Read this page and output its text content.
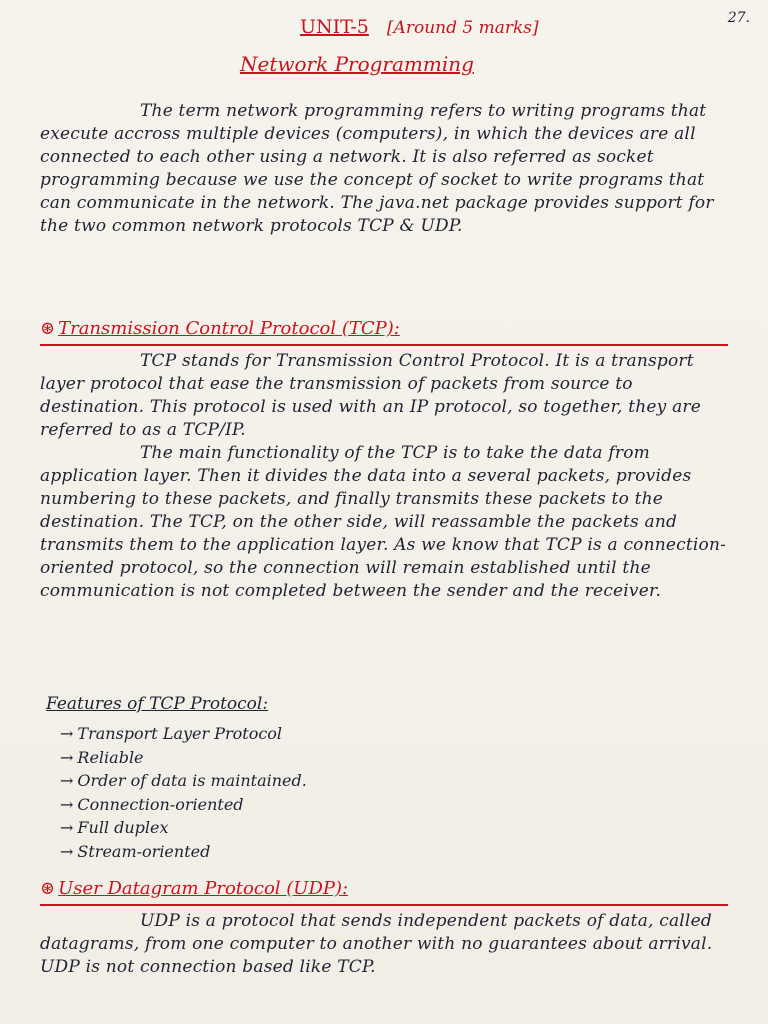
27.
UNIT-5 [Around 5 marks]
Network Programming

The term network programming refers to writing programs that execute accross multiple devices (computers), in which the devices are all connected to each other using a network. It is also referred as socket programming because we use the concept of socket to write programs that can communicate in the network. The java.net package provides support for the two common network protocols TCP & UDP.

⊛ Transmission Control Protocol (TCP):

TCP stands for Transmission Control Protocol. It is a transport layer protocol that ease the transmission of packets from source to destination. This protocol is used with an IP protocol, so together, they are referred to as a TCP/IP.

The main functionality of the TCP is to take the data from application layer. Then it divides the data into a several packets, provides numbering to these packets, and finally transmits these packets to the destination. The TCP, on the other side, will reassamble the packets and transmits them to the application layer. As we know that TCP is a connection-oriented protocol, so the connection will remain established until the communication is not completed between the sender and the receiver.

Features of TCP Protocol:
→ Transport Layer Protocol
→ Reliable
→ Order of data is maintained.
→ Connection-oriented
→ Full duplex
→ Stream-oriented
⊛ User Datagram Protocol (UDP):

UDP is a protocol that sends independent packets of data, called datagrams, from one computer to another with no guarantees about arrival. UDP is not connection based like TCP.
